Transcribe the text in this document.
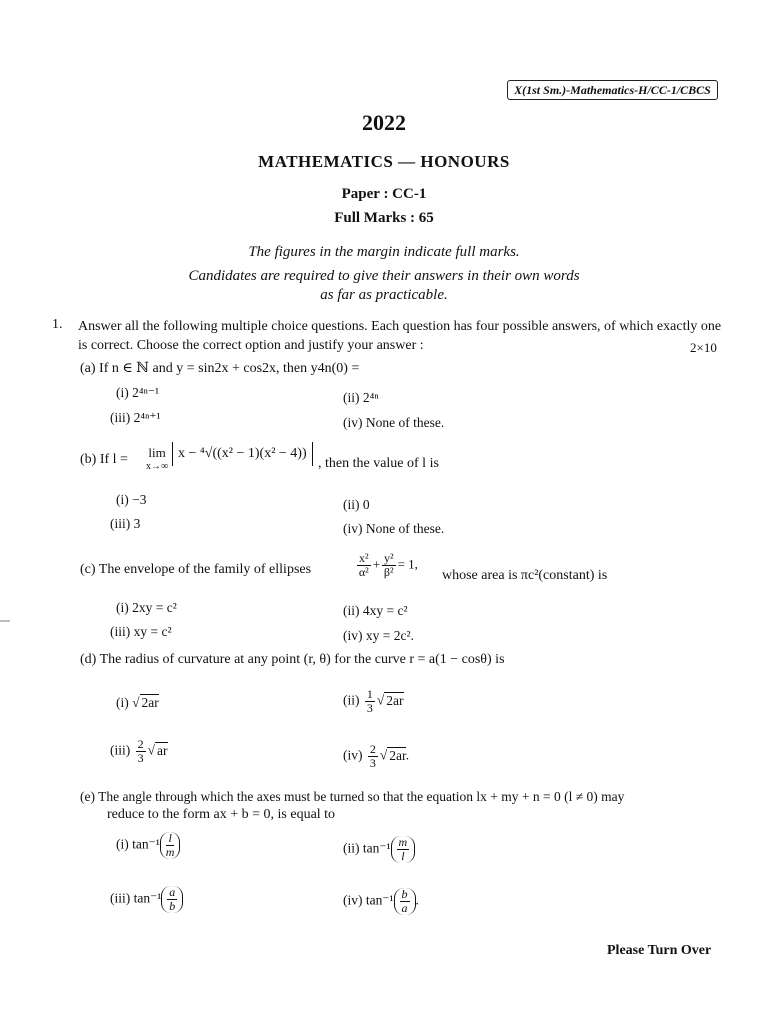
X(1st Sm.)-Mathematics-H/CC-1/CBCS
2022
MATHEMATICS — HONOURS
Paper : CC-1
Full Marks : 65
The figures in the margin indicate full marks.
Candidates are required to give their answers in their own words
as far as practicable.
1. Answer all the following multiple choice questions. Each question has four possible answers, of which exactly one is correct. Choose the correct option and justify your answer :	2×10
(a) If n ∈ ℕ and y = sin2x + cos2x, then y4n(0) =
(i) 2⁴ⁿ⁻¹	(ii) 2⁴ⁿ
(iii) 2⁴ⁿ⁺¹	(iv) None of these.
(b) If l = lim
x→∞
x − ⁴√((x² − 1)(x² − 4))
, then the value of l is
(i) −3	(ii) 0
(iii) 3	(iv) None of these.
(c) The envelope of the family of ellipses	$\frac{\text{x²}}{\text{α²}} + \frac{\text{y²}}{\text{β²}} = 1$,
whose area is πc²(constant) is
(i) 2xy = c²	(ii) 4xy = c²
(iii) xy = c²	(iv) xy = 2c².
(d) The radius of curvature at any point (r, θ) for the curve r = a(1 − cosθ) is
(i) √ 2ar	$(ii) \frac{1}{3}$ √ 2ar
$(iii) \frac{2}{3}$ √ ar	$(iv) \frac{2}{3}$ √ 2ar.
(e) The angle through which the axes must be turned so that the equation lx + my + n = 0 (l ≠ 0) may
reduce to the form ax + b = 0, is equal to
(i) $\tan^{-1} \frac{l}{m}$	(ii) $\tan^{-1} \frac{m}{l}$
(iii) $\tan^{-1} \frac{a}{b}$	(iv) $\tan^{-1} \frac{b}{a}$ .
Please Turn Over
